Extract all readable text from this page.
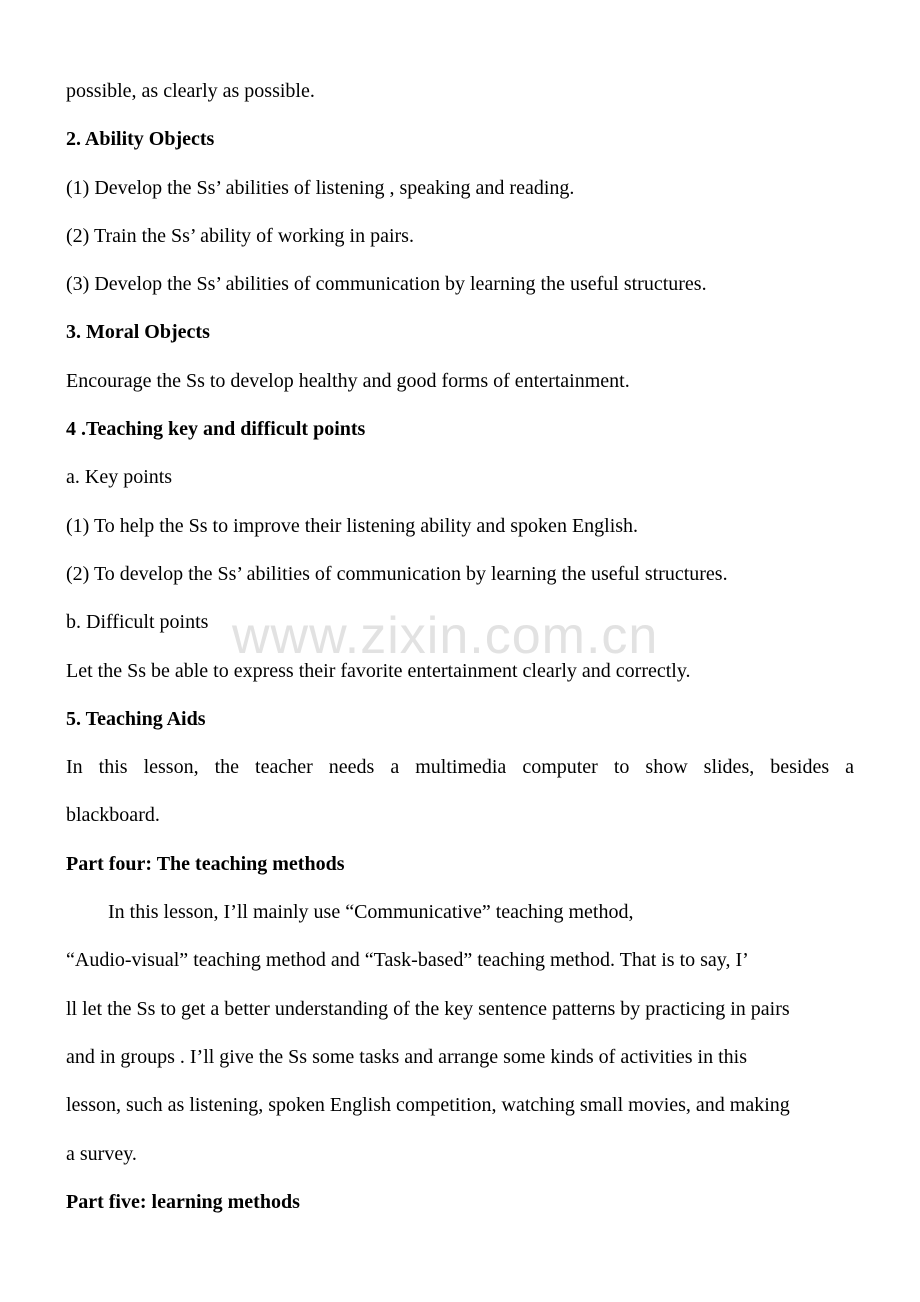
possible, as clearly as possible.
2. Ability Objects
(1) Develop the Ss’ abilities of listening , speaking and reading.
(2) Train the Ss’ ability of working in pairs.
(3) Develop the Ss’ abilities of communication by learning the useful structures.
3. Moral Objects
Encourage the Ss to develop healthy and good forms of entertainment.
4 .Teaching key and difficult points
a. Key points
(1) To help the Ss to improve their listening ability and spoken English.
(2) To develop the Ss’ abilities of communication by learning the useful structures.
b. Difficult points
Let the Ss be able to express their favorite entertainment clearly and correctly.
5. Teaching Aids
In this lesson, the teacher needs a multimedia computer to show slides, besides a
blackboard.
Part four: The teaching methods
In this lesson, I’ll mainly use “Communicative” teaching method,
“Audio-visual” teaching method and “Task-based” teaching method. That is to say, I’
ll let the Ss to get a better understanding of the key sentence patterns by practicing in pairs
and in groups . I’ll give the Ss some tasks and arrange some kinds of activities in this
lesson, such as listening, spoken English competition, watching small movies, and making
a survey.
Part five: learning methods
www.zixin.com.cn
